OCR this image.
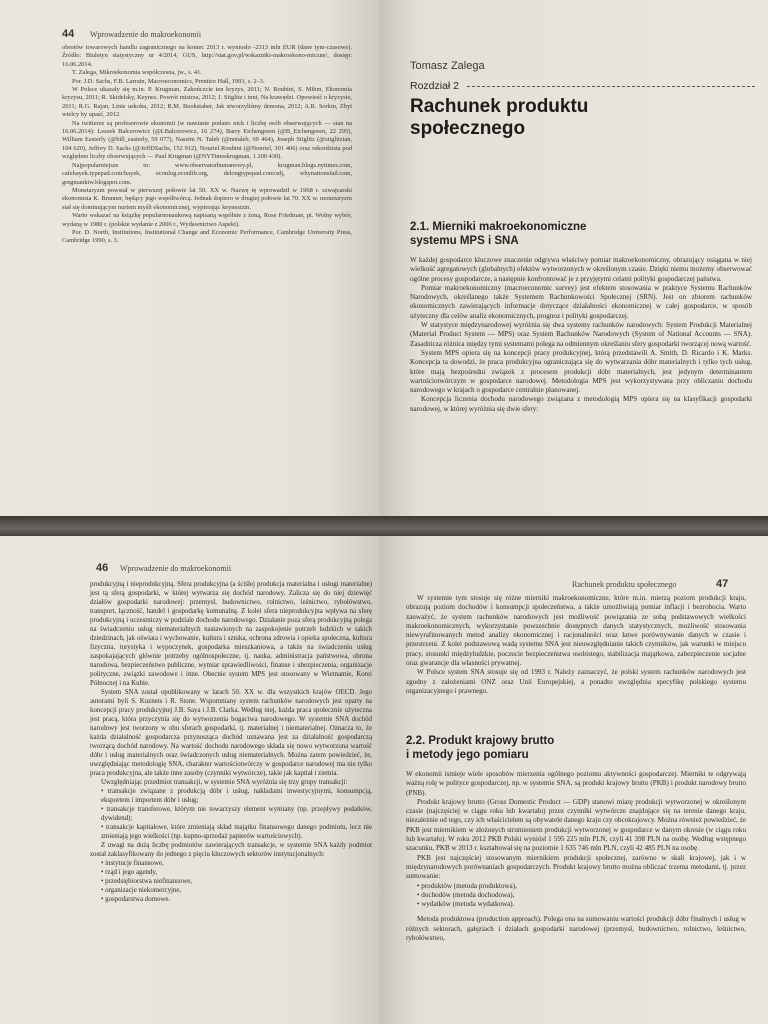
44 Wprowadzenie do makroekonomii

obrotów towarowych handlu zagranicznego na koniec 2013 r. wyniosło -2313 mln EUR (dane tym-czasowe). Źródło: Biuletyn statystyczny nr 4/2014, GUS, http://stat.gov.pl/wskazniki-makroekono-miczne/, dostęp: 16.06.2014.

T. Zalega, Mikroekonomia współczesna, jw., s. 41.

Por. J.D. Sachs, F.B. Larrain, Macroeconomics, Prentice Hall, 1993, s. 2–3.

W Polsce ukazały się m.in. P. Krugman, Zakończcie ten kryzys, 2011; N. Roubini, S. Mihm, Ekonomia kryzysu, 2011; R. Skidelsky, Keynes. Powrót mistrza, 2012; J. Stiglitz i inni, Na krawędzi. Opowieść o kryzysie, 2011; R.G. Rajan, Linie uskoku, 2012; R.M. Bookstaber, Jak stworzyliśmy demona, 2012; A.R. Sorkin, Zbyt wielcy by upaść, 2012.

Na twitterze są profesorowie ekonomii (w nawiasie podano nick i liczbę osób obserwujących — stan na 16.06.2014): Leszek Balcerowicz (@LBalcerowicz, 16 274), Barry Eichengreen (@B_Eichengreen, 22 295), William Easterly (@bill_easterly, 59 077), Nassim N. Taleb (@nntaleb, 69 464), Joseph Stiglitz (@stiglitzian, 104 620), Jeffrey D. Sachs (@JeffDSachs, 152 912), Nouriel Roubini (@Nouriel, 301 406) oraz rekordzista pod względem liczby obserwujących — Paul Krugman (@NYTimeskrugman, 1 200 430).

Najpopularniejsze to: www.observatorhumanowy.pl, krugman.blogs.nytimes.com, cafehayek.typepad.com/hayek, econlog.econlib.org, delongtypepad.com/sdj, whynationsfail.com, gregmankiw.blogspot.com.

Monetaryzm powstał w pierwszej połowie lat 50. XX w. Nazwę tę wprowadził w 1968 r. szwajcarski ekonomista K. Brunner, będący jego współtwórcą. Jednak dopiero w drugiej połowie lat 70. XX w. monetaryzm stał się dominującym nurtem myśli ekonomicznej, wypierając keynesizm.

Warto wskazać na książkę popularnonaukową napisaną wspólnie z żoną, Rose Friedman, pt. Wolny wybór, wydaną w 1980 r. (polskie wydanie z 2006 r., Wydawnictwo Aspekt).

Por. D. North, Institutions, Institutional Change and Economic Performance, Cambridge University Press, Cambridge 1990, s. 3.

Tomasz Zalega
Rozdział 2
Rachunek produktu
społecznego
2.1. Mierniki makroekonomiczne
systemu MPS i SNA

W każdej gospodarce kluczowe znaczenie odgrywa właściwy pomiar makroekonomiczny, obrazujący osiągana w niej wielkość agregatowych (globalnych) efektów wytworzonych w określonym czasie. Dzięki niemu możemy obserwować ogólne procesy gospodarcze, a następnie konfrontować je z przyjętymi celami polityki gospodarczej państwa.

Pomiar makroekonomiczny (macroeconomic survey) jest efektem stosowania w praktyce Systemu Rachunków Narodowych, określanego także Systemem Rachunkowości Społecznej (SRN). Jest on zbiorem rachunków ekonomicznych zawierających informacje dotyczące działalności ekonomicznej w całej gospodarce, w sposób użyteczny dla celów analiz ekonomicznych, prognoz i polityki gospodarczej.

W statystyce międzynarodowej wyróżnia się dwa systemy rachunków narodowych: System Produkcji Materialnej (Material Product System — MPS) oraz System Rachunków Narodowych (System of National Accounts — SNA). Zasadnicza różnica między tymi systemami polega na odmiennym określaniu sfery gospodarki tworzącej nową wartość.

System MPS opiera się na koncepcji pracy produkcyjnej, którą przedstawili A. Smith, D. Ricardo i K. Marks. Koncepcja ta dowodzi, że praca produkcyjna ograniczająca się do wytwarzania dóbr materialnych i tylko tych usług, które mają bezpośredni związek z procesem produkcji dóbr materialnych, jest jedynym determinantem wartościotwórczym w gospodarce narodowej. Metodologia MPS jest wykorzystywana przy obliczaniu dochodu narodowego w krajach o gospodarce centralnie planowanej.

Koncepcja liczenia dochodu narodowego związana z metodologią MPS opiera się na klasyfikacji gospodarki narodowej, w której wyróżnia się dwie sfery:

46 Wprowadzenie do makroekonomii

produkcyjną i nieprodukcyjną. Sfera produkcyjna (a ściślej produkcja materialna i usługi materialne) jest tą sferą gospodarki, w której wytwarza się dochód narodowy. Zalicza się do niej dziewięć działów gospodarki narodowej: przemysł, budownictwo, rolnictwo, leśnictwo, rybołówstwo, transport, łączność, handel i gospodarkę komunalną. Z kolei sfera nieprodukcyjna wpływa na sferę produkcyjną i uczestniczy w podziale dochodu narodowego. Działanie poza sferą produkcyjną polega na świadczeniu usług niematerialnych nastawionych na zaspokojenie potrzeb ludzkich w takich dziedzinach, jak oświata i wychowanie, kultura i sztuka, ochrona zdrowia i opieka społeczna, kultura fizyczna, turystyka i wypoczynek, gospodarka mieszkaniowa, a także na świadczeniu usług zaspokajających głównie potrzeby ogólnospołeczne, tj. nauka, administracja państwowa, obrona narodowa, bezpieczeństwo publiczne, wymiar sprawiedliwości, finanse i ubezpieczenia, organizacje polityczne, związki zawodowe i inne. Obecnie system MPS jest stosowany w Wietnamie, Korei Północnej i na Kubie.

System SNA został opublikowany w latach 50. XX w. dla wszystkich krajów OECD. Jego autorami byli S. Kuznets i R. Stone. Wspomniany system rachunków narodowych jest oparty na koncepcji pracy produkcyjnej J.B. Saya i J.B. Clarka. Według niej, każda praca społecznie użyteczna jest pracą, która przyczynia się do wytworzenia bogactwa narodowego. W systemie SNA dochód narodowy jest tworzony w obu sferach gospodarki, tj. materialnej i niematerialnej. Oznacza to, że każda działalność gospodarcza przynosząca dochód uznawana jest za działalność gospodarczą tworzącą dochód narodowy. Na wartość dochodu narodowego składa się nowo wytworzona wartość dóbr i usług materialnych oraz świadczonych usług niematerialnych. Można zatem powiedzieć, że, uwzględniając metodologię SNA, charakter wartościotwórczy w gospodarce narodowej ma nie tylko praca produkcyjna, ale także inne zasoby (czynniki wytwórcze), takie jak kapitał i ziemia.

Uwzględniając przedmiot transakcji, w systemie SNA wyróżnia się trzy grupy transakcji:

• transakcje związane z produkcją dóbr i usług, nakładami inwestycyjnymi, konsumpcją, eksportem i importem dóbr i usług;
• transakcje transferowe, którym nie towarzyszy element wymiany (np. przepływy podatków, dywidend);
• transakcje kapitałowe, które zmieniają skład majątku finansowego danego podmiotu, lecz nie zmieniają jego wielkości (np. kupno-sprzedaż papierów wartościowych).

Z uwagi na dużą liczbę podmiotów zawierających transakcje, w systemie SNA każdy podmiot został zaklasyfikowany do jednego z pięciu kluczowych sektorów instytucjonalnych:

• instytucje finansowe,
• rząd i jego agendy,
• przedsiębiorstwa niefinansowe,
• organizacje niekomercyjne,
• gospodarstwa domowe.
Rachunek produktu społecznego	47

W systemie tym stosuje się różne mierniki makroekonomiczne, które m.in. mierzą poziom produkcji kraju, obrazują poziom dochodów i konsumpcji społeczeństwa, a także umożliwiają pomiar inflacji i bezrobocia. Warto zauważyć, że system rachunków narodowych jest możliwość powiązania ze sobą podstawowych wielkości makroekonomicznych, wykorzystanie powszechnie dostępnych danych statystycznych, możliwość stosowania niewyrafinowanych metod analizy ekonomicznej i racjonalności oraz łatwe porównywanie danych w czasie i przestrzeni. Z kolei podstawową wadą systemu SNA jest nieuwzględnianie takich czynników, jak warunki w miejscu pracy, stosunki międzyludzkie, poczucie bezpieczeństwa osobistego, stabilizacja majątkowa, zabezpieczenie socjalne oraz gwarancje dla własności prywatnej.

W Polsce system SNA stosuje się od 1993 r. Należy zaznaczyć, że polski system rachunków narodowych jest zgodny z założeniami ONZ oraz Unii Europejskiej, a ponadto uwzględnia specyfikę polskiego systemu organizacyjnego i prawnego.

2.2. Produkt krajowy brutto
i metody jego pomiaru

W ekonomii istnieje wiele sposobów mierzenia ogólnego poziomu aktywności gospodarczej. Mierniki te odgrywają ważną rolę w polityce gospodarczej, np. w systemie SNA, są produkt krajowy brutto (PKB) i produkt narodowy brutto (PNB).

Produkt krajowy brutto (Gross Domestic Product — GDP) stanowi miarę produkcji wytworzonej w określonym czasie (najczęściej w ciągu roku lub kwartału) przez czynniki wytwórcze znajdujące się na terenie danego kraju, niezależnie od tego, czy ich właścicielem są obywatele danego kraju czy obcokrajowcy. Można również powiedzieć, że PKB jest miernikiem w złożonych strumieniem produkcji wytworzonej w gospodarce w danym okresie (w ciągu roku lub kwartału). W roku 2012 PKB Polski wyniósł 1 595 225 mln PLN, czyli 41 398 PLN na osobę. Według wstępnego szacunku, PKB w 2013 r. kształtował się na poziomie 1 635 746 mln PLN, czyli 42 485 PLN na osobę.

PKB jest najczęściej stosowanym miernikiem produkcji społecznej, zarówno w skali krajowej, jak i w międzynarodowych porównaniach gospodarczych. Produkt krajowy brutto można obliczać trzema metodami, tj. przez sumowanie:

• produktów (metoda produktowa),
• dochodów (metoda dochodowa),
• wydatków (metoda wydatkowa).

Metoda produktowa (production approach). Polega ona na sumowaniu wartości produkcji dóbr finalnych i usług w różnych sektorach, gałęziach i działach gospodarki narodowej (przemysł, budownictwo, rolnictwo, leśnictwo, rybołówstwo,
